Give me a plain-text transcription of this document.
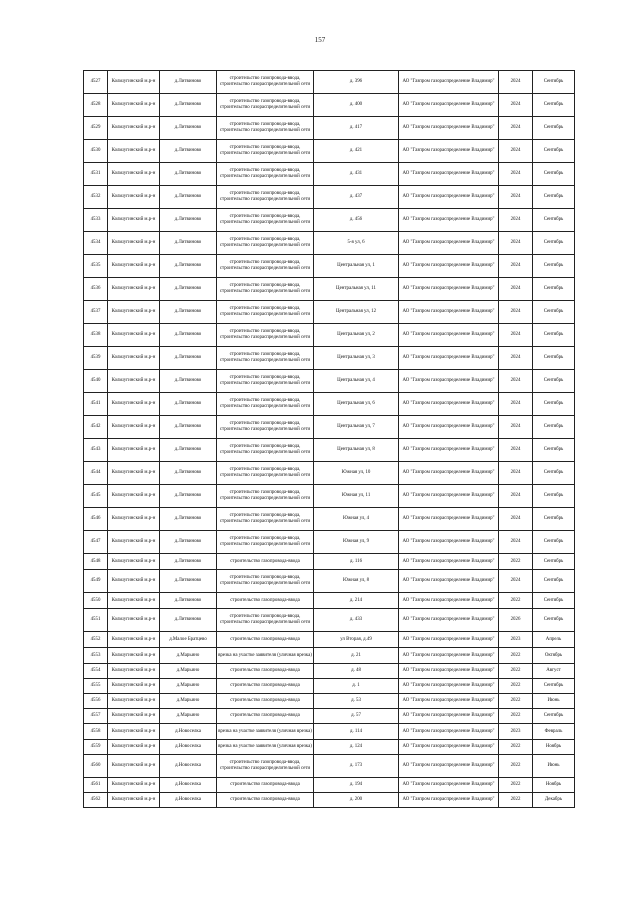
157
4527	Кольчугинский м.р-н	д.Литвиново	строительство газопровода-ввода, строительство газораспределительной сети	д. 396	АО "Газпром газораспределение Владимир"	2024	Сентябрь
4528	Кольчугинский м.р-н	д.Литвиново	строительство газопровода-ввода, строительство газораспределительной сети	д. 400	АО "Газпром газораспределение Владимир"	2024	Сентябрь
4529	Кольчугинский м.р-н	д.Литвиново	строительство газопровода-ввода, строительство газораспределительной сети	д. 417	АО "Газпром газораспределение Владимир"	2024	Сентябрь
4530	Кольчугинский м.р-н	д.Литвиново	строительство газопровода-ввода, строительство газораспределительной сети	д. 421	АО "Газпром газораспределение Владимир"	2024	Сентябрь
4531	Кольчугинский м.р-н	д.Литвиново	строительство газопровода-ввода, строительство газораспределительной сети	д. 431	АО "Газпром газораспределение Владимир"	2024	Сентябрь
4532	Кольчугинский м.р-н	д.Литвиново	строительство газопровода-ввода, строительство газораспределительной сети	д. 437	АО "Газпром газораспределение Владимир"	2024	Сентябрь
4533	Кольчугинский м.р-н	д.Литвиново	строительство газопровода-ввода, строительство газораспределительной сети	д. 456	АО "Газпром газораспределение Владимир"	2024	Сентябрь
4534	Кольчугинский м.р-н	д.Литвиново	строительство газопровода-ввода, строительство газораспределительной сети	5-я ул, 6	АО "Газпром газораспределение Владимир"	2024	Сентябрь
4535	Кольчугинский м.р-н	д.Литвиново	строительство газопровода-ввода, строительство газораспределительной сети	Центральная ул, 1	АО "Газпром газораспределение Владимир"	2024	Сентябрь
4536	Кольчугинский м.р-н	д.Литвиново	строительство газопровода-ввода, строительство газораспределительной сети	Центральная ул, 11	АО "Газпром газораспределение Владимир"	2024	Сентябрь
4537	Кольчугинский м.р-н	д.Литвиново	строительство газопровода-ввода, строительство газораспределительной сети	Центральная ул, 12	АО "Газпром газораспределение Владимир"	2024	Сентябрь
4538	Кольчугинский м.р-н	д.Литвиново	строительство газопровода-ввода, строительство газораспределительной сети	Центральная ул, 2	АО "Газпром газораспределение Владимир"	2024	Сентябрь
4539	Кольчугинский м.р-н	д.Литвиново	строительство газопровода-ввода, строительство газораспределительной сети	Центральная ул, 3	АО "Газпром газораспределение Владимир"	2024	Сентябрь
4540	Кольчугинский м.р-н	д.Литвиново	строительство газопровода-ввода, строительство газораспределительной сети	Центральная ул, 4	АО "Газпром газораспределение Владимир"	2024	Сентябрь
4541	Кольчугинский м.р-н	д.Литвиново	строительство газопровода-ввода, строительство газораспределительной сети	Центральная ул, 6	АО "Газпром газораспределение Владимир"	2024	Сентябрь
4542	Кольчугинский м.р-н	д.Литвиново	строительство газопровода-ввода, строительство газораспределительной сети	Центральная ул, 7	АО "Газпром газораспределение Владимир"	2024	Сентябрь
4543	Кольчугинский м.р-н	д.Литвиново	строительство газопровода-ввода, строительство газораспределительной сети	Центральная ул, 8	АО "Газпром газораспределение Владимир"	2024	Сентябрь
4544	Кольчугинский м.р-н	д.Литвиново	строительство газопровода-ввода, строительство газораспределительной сети	Южная ул, 10	АО "Газпром газораспределение Владимир"	2024	Сентябрь
4545	Кольчугинский м.р-н	д.Литвиново	строительство газопровода-ввода, строительство газораспределительной сети	Южная ул, 11	АО "Газпром газораспределение Владимир"	2024	Сентябрь
4546	Кольчугинский м.р-н	д.Литвиново	строительство газопровода-ввода, строительство газораспределительной сети	Южная ул, 4	АО "Газпром газораспределение Владимир"	2024	Сентябрь
4547	Кольчугинский м.р-н	д.Литвиново	строительство газопровода-ввода, строительство газораспределительной сети	Южная ул, 9	АО "Газпром газораспределение Владимир"	2024	Сентябрь
4548	Кольчугинский м.р-н	д.Литвиново	строительство газопровода-ввода	д. 116	АО "Газпром газораспределение Владимир"	2022	Сентябрь
4549	Кольчугинский м.р-н	д.Литвиново	строительство газопровода-ввода, строительство газораспределительной сети	Южная ул, 8	АО "Газпром газораспределение Владимир"	2024	Сентябрь
4550	Кольчугинский м.р-н	д.Литвиново	строительство газопровода-ввода	д. 214	АО "Газпром газораспределение Владимир"	2022	Сентябрь
4551	Кольчугинский м.р-н	д.Литвиново	строительство газопровода-ввода, строительство газораспределительной сети	д. 433	АО "Газпром газораспределение Владимир"	2026	Сентябрь
4552	Кольчугинский м.р-н	д.Малое Братцево	строительство газопровода-ввода	ул Вторая, д.49	АО "Газпром газораспределение Владимир"	2023	Апрель
4553	Кольчугинский м.р-н	д.Марьино	врезка на участке заявителя (уличная врезка)	д. 21	АО "Газпром газораспределение Владимир"	2022	Октябрь
4554	Кольчугинский м.р-н	д.Марьино	строительство газопровода-ввода	д. 48	АО "Газпром газораспределение Владимир"	2022	Август
4555	Кольчугинский м.р-н	д.Марьино	строительство газопровода-ввода	д. 1	АО "Газпром газораспределение Владимир"	2022	Сентябрь
4556	Кольчугинский м.р-н	д.Марьино	строительство газопровода-ввода	д. 53	АО "Газпром газораспределение Владимир"	2022	Июнь
4557	Кольчугинский м.р-н	д.Марьино	строительство газопровода-ввода	д. 57	АО "Газпром газораспределение Владимир"	2022	Сентябрь
4558	Кольчугинский м.р-н	д.Новоселка	врезка на участке заявителя (уличная врезка)	д. 114	АО "Газпром газораспределение Владимир"	2023	Февраль
4559	Кольчугинский м.р-н	д.Новоселка	врезка на участке заявителя (уличная врезка)	д. 124	АО "Газпром газораспределение Владимир"	2022	Ноябрь
4560	Кольчугинский м.р-н	д.Новоселка	строительство газопровода-ввода, строительство газораспределительной сети	д. 173	АО "Газпром газораспределение Владимир"	2022	Июнь
4561	Кольчугинский м.р-н	д.Новоселка	строительство газопровода-ввода	д. 194	АО "Газпром газораспределение Владимир"	2022	Ноябрь
4562	Кольчугинский м.р-н	д.Новоселка	строительство газопровода-ввода	д. 200	АО "Газпром газораспределение Владимир"	2022	Декабрь
